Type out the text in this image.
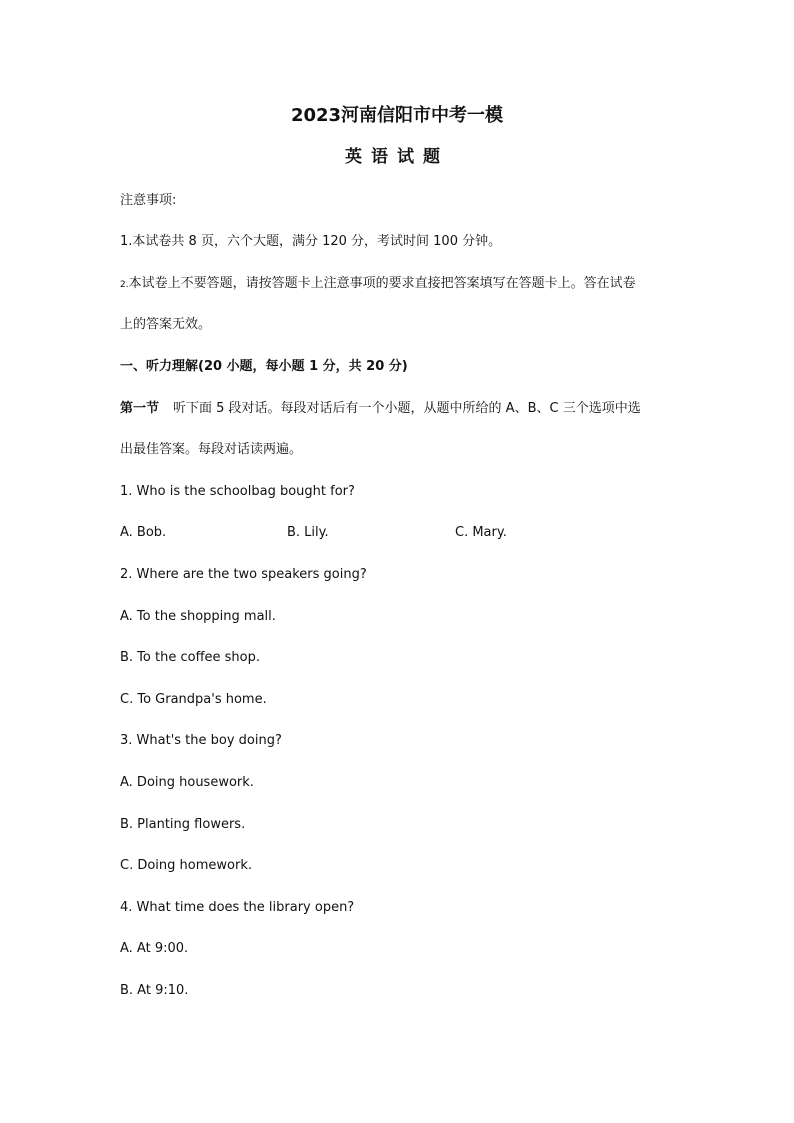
2023河南信阳市中考一模
英语试题
注意事项:
1.本试卷共 8 页，六个大题，满分 120 分，考试时间 100 分钟。
2.本试卷上不要答题，请按答题卡上注意事项的要求直接把答案填写在答题卡上。答在试卷
上的答案无效。
一、听力理解(20 小题，每小题 1 分，共 20 分)
第一节 听下面 5 段对话。每段对话后有一个小题，从题中所给的 A、B、C 三个选项中选
出最佳答案。每段对话读两遍。
1. Who is the schoolbag bought for?
A. Bob.	B. Lily.	C. Mary.
2. Where are the two speakers going?
A. To the shopping mall.
B. To the coffee shop.
C. To Grandpa's home.
3. What's the boy doing?
A. Doing housework.
B. Planting flowers.
C. Doing homework.
4. What time does the library open?
A. At 9:00.
B. At 9:10.
